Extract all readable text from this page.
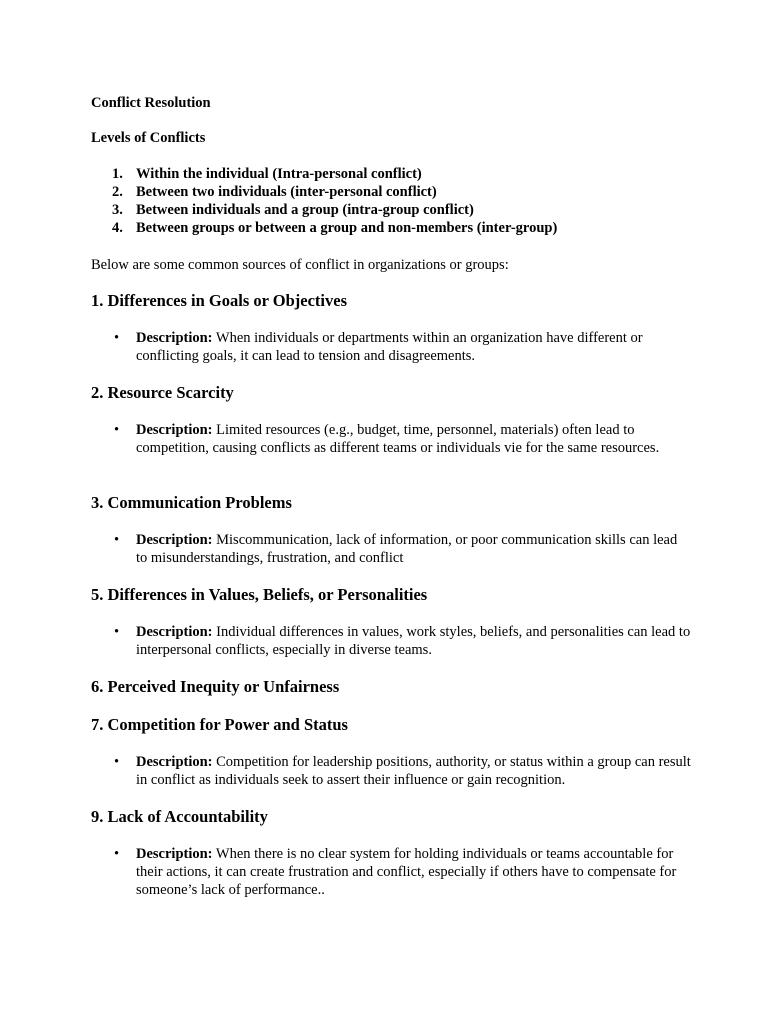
Conflict Resolution

Levels of Conflicts

1. Within the individual (Intra-personal conflict)
2. Between two individuals (inter-personal conflict)
3. Between individuals and a group (intra-group conflict)
4. Between groups or between a group and non-members (inter-group)

Below are some common sources of conflict in organizations or groups:

1. Differences in Goals or Objectives

• Description: When individuals or departments within an organization have different or conflicting goals, it can lead to tension and disagreements.

2. Resource Scarcity

• Description: Limited resources (e.g., budget, time, personnel, materials) often lead to competition, causing conflicts as different teams or individuals vie for the same resources.

3. Communication Problems

• Description: Miscommunication, lack of information, or poor communication skills can lead to misunderstandings, frustration, and conflict

5. Differences in Values, Beliefs, or Personalities

• Description: Individual differences in values, work styles, beliefs, and personalities can lead to interpersonal conflicts, especially in diverse teams.

6. Perceived Inequity or Unfairness

7. Competition for Power and Status

• Description: Competition for leadership positions, authority, or status within a group can result in conflict as individuals seek to assert their influence or gain recognition.

9. Lack of Accountability

• Description: When there is no clear system for holding individuals or teams accountable for their actions, it can create frustration and conflict, especially if others have to compensate for someone’s lack of performance..
